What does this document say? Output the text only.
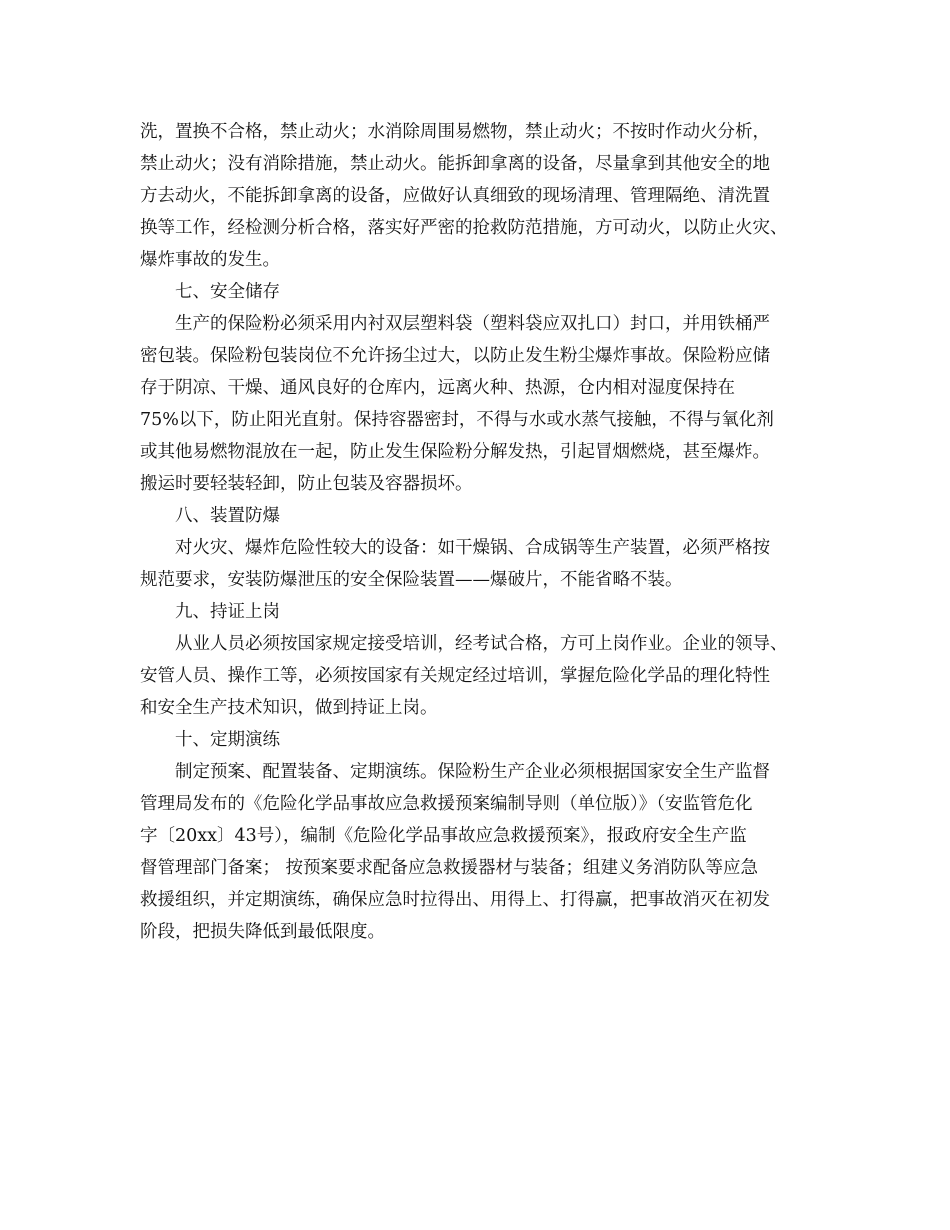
洗，置换不合格，禁止动火；水消除周围易燃物，禁止动火；不按时作动火分析，
禁止动火；没有消除措施，禁止动火。能拆卸拿离的设备，尽量拿到其他安全的地
方去动火，不能拆卸拿离的设备，应做好认真细致的现场清理、管理隔绝、清洗置
换等工作，经检测分析合格，落实好严密的抢救防范措施，方可动火，以防止火灾、
爆炸事故的发生。
七、安全储存
生产的保险粉必须采用内衬双层塑料袋（塑料袋应双扎口）封口，并用铁桶严
密包装。保险粉包装岗位不允许扬尘过大，以防止发生粉尘爆炸事故。保险粉应储
存于阴凉、干燥、通风良好的仓库内，远离火种、热源，仓内相对湿度保持在
75%以下，防止阳光直射。保持容器密封，不得与水或水蒸气接触，不得与氧化剂
或其他易燃物混放在一起，防止发生保险粉分解发热，引起冒烟燃烧，甚至爆炸。
搬运时要轻装轻卸，防止包装及容器损坏。
八、装置防爆
对火灾、爆炸危险性较大的设备：如干燥锅、合成锅等生产装置，必须严格按
规范要求，安装防爆泄压的安全保险装置——爆破片，不能省略不装。
九、持证上岗
从业人员必须按国家规定接受培训，经考试合格，方可上岗作业。企业的领导、
安管人员、操作工等，必须按国家有关规定经过培训，掌握危险化学品的理化特性
和安全生产技术知识，做到持证上岗。
十、定期演练
制定预案、配置装备、定期演练。保险粉生产企业必须根据国家安全生产监督
管理局发布的《危险化学品事故应急救援预案编制导则（单位版）》（安监管危化
字〔20xx〕43号），编制《危险化学品事故应急救援预案》，报政府安全生产监
督管理部门备案； 按预案要求配备应急救援器材与装备；组建义务消防队等应急
救援组织，并定期演练，确保应急时拉得出、用得上、打得赢，把事故消灭在初发
阶段，把损失降低到最低限度。
